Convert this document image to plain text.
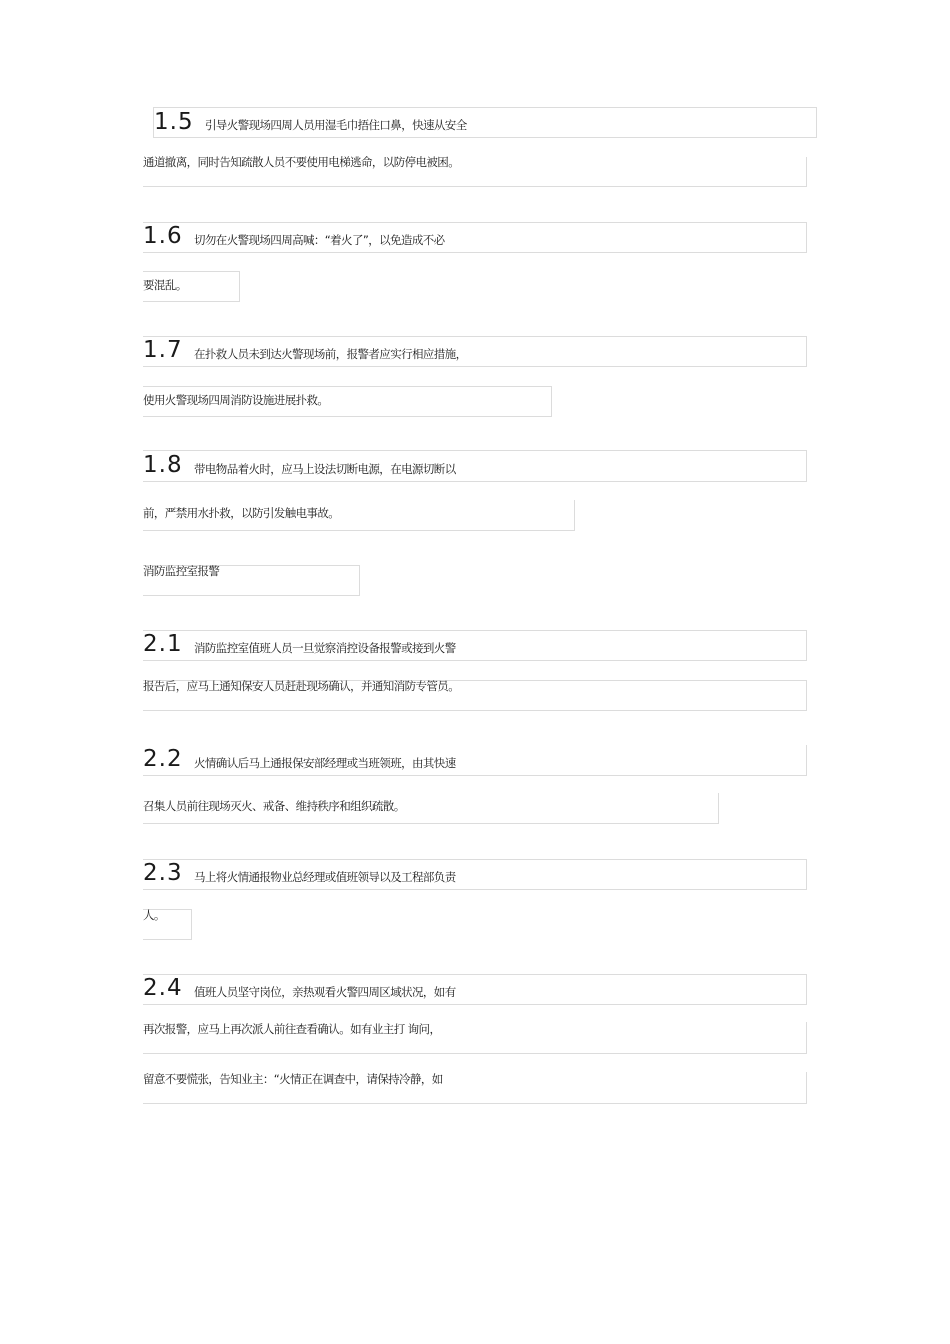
1.5 引导火警现场四周人员用湿毛巾捂住口鼻，快速从安全
通道撤离，同时告知疏散人员不要使用电梯逃命，以防停电被困。
1.6 切勿在火警现场四周高喊：“着火了”，以免造成不必
要混乱。
1.7 在扑救人员未到达火警现场前，报警者应实行相应措施，
使用火警现场四周消防设施进展扑救。
1.8 带电物品着火时，应马上设法切断电源，在电源切断以
前，严禁用水扑救，以防引发触电事故。
消防监控室报警
2.1 消防监控室值班人员一旦觉察消控设备报警或接到火警
报告后，应马上通知保安人员赶赴现场确认，并通知消防专管员。
2.2 火情确认后马上通报保安部经理或当班领班，由其快速
召集人员前往现场灭火、戒备、维持秩序和组织疏散。
2.3 马上将火情通报物业总经理或值班领导以及工程部负责
人。
2.4 值班人员坚守岗位，亲热观看火警四周区域状况，如有
再次报警，应马上再次派人前往查看确认。如有业主打 询问，
留意不要慌张，告知业主：“火情正在调查中，请保持冷静，如
